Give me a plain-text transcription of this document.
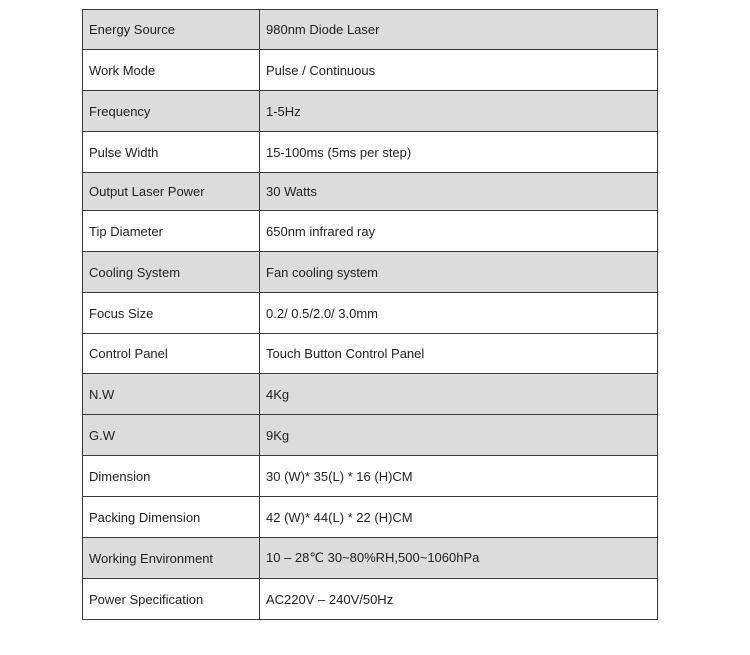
Energy Source	980nm Diode Laser
Work Mode	Pulse / Continuous
Frequency	1-5Hz
Pulse Width	15-100ms (5ms per step)
Output Laser Power	30 Watts
Tip Diameter	650nm infrared ray
Cooling System	Fan cooling system
Focus Size	0.2/ 0.5/2.0/ 3.0mm
Control Panel	Touch Button Control Panel
N.W	4Kg
G.W	9Kg
Dimension	30 (W)* 35(L) * 16 (H)CM
Packing Dimension	42 (W)* 44(L) * 22 (H)CM
Working Environment	10 – 28℃ 30~80%RH,500~1060hPa
Power Specification	AC220V – 240V/50Hz
